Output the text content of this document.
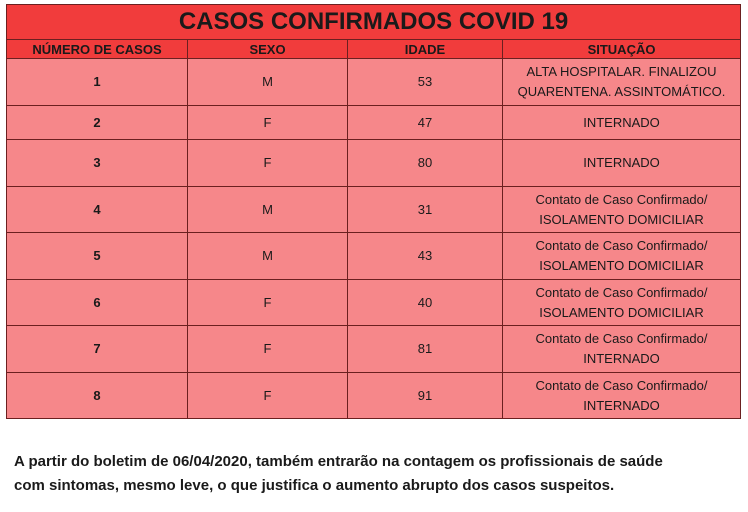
CASOS CONFIRMADOS COVID 19			
NÚMERO DE CASOS	SEXO	IDADE	SITUAÇÃO
1	M	53	ALTA HOSPITALAR. FINALIZOU
QUARENTENA. ASSINTOMÁTICO.

2	F	47	INTERNADO

3	F	80	INTERNADO

4	M	31	Contato de Caso Confirmado/
ISOLAMENTO DOMICILIAR

5	M	43	Contato de Caso Confirmado/
ISOLAMENTO DOMICILIAR

6	F	40	Contato de Caso Confirmado/
ISOLAMENTO DOMICILIAR

7	F	81	Contato de Caso Confirmado/
INTERNADO

8	F	91	Contato de Caso Confirmado/
INTERNADO
A partir do boletim de 06/04/2020, também entrarão na contagem os profissionais de saúde
com sintomas, mesmo leve, o que justifica o aumento abrupto dos casos suspeitos.
